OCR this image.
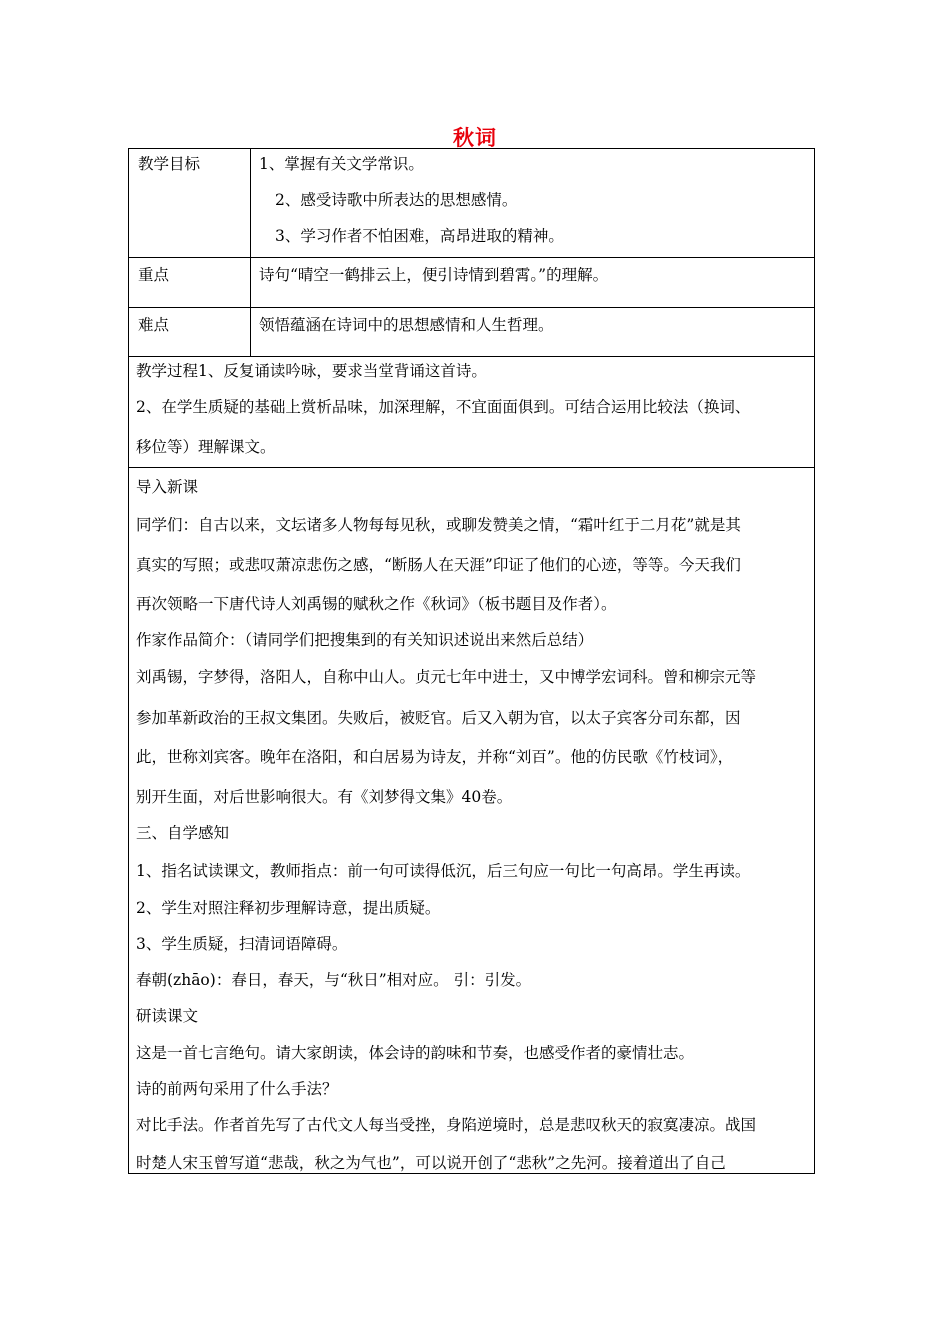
秋词
教学目标	1、掌握有关文学常识。
2、感受诗歌中所表达的思想感情。
3、学习作者不怕困难，高昂进取的精神。
重点	诗句“晴空一鹤排云上，便引诗情到碧霄。”的理解。
难点	领悟蕴涵在诗词中的思想感情和人生哲理。
教学过程1、反复诵读吟咏，要求当堂背诵这首诗。
2、在学生质疑的基础上赏析品味，加深理解，不宜面面俱到。可结合运用比较法（换词、
移位等）理解课文。
导入新课
同学们：自古以来，文坛诸多人物每每见秋，或聊发赞美之情，“霜叶红于二月花”就是其
真实的写照；或悲叹萧凉悲伤之感，“断肠人在天涯”印证了他们的心迹，等等。今天我们
再次领略一下唐代诗人刘禹锡的赋秋之作《秋词》（板书题目及作者）。
作家作品简介：（请同学们把搜集到的有关知识述说出来然后总结）
刘禹锡，字梦得，洛阳人，自称中山人。贞元七年中进士，又中博学宏词科。曾和柳宗元等
参加革新政治的王叔文集团。失败后，被贬官。后又入朝为官，以太子宾客分司东都，因
此，世称刘宾客。晚年在洛阳，和白居易为诗友，并称“刘百”。他的仿民歌《竹枝词》，
别开生面，对后世影响很大。有《刘梦得文集》40卷。
三、自学感知
1、指名试读课文，教师指点：前一句可读得低沉，后三句应一句比一句高昂。学生再读。
2、学生对照注释初步理解诗意，提出质疑。
3、学生质疑，扫清词语障碍。
春朝(zhāo)：春日，春天，与“秋日”相对应。 引：引发。
研读课文
这是一首七言绝句。请大家朗读，体会诗的韵味和节奏，也感受作者的豪情壮志。
诗的前两句采用了什么手法？
对比手法。作者首先写了古代文人每当受挫，身陷逆境时，总是悲叹秋天的寂寞凄凉。战国
时楚人宋玉曾写道“悲哉，秋之为气也”，可以说开创了“悲秋”之先河。接着道出了自己
